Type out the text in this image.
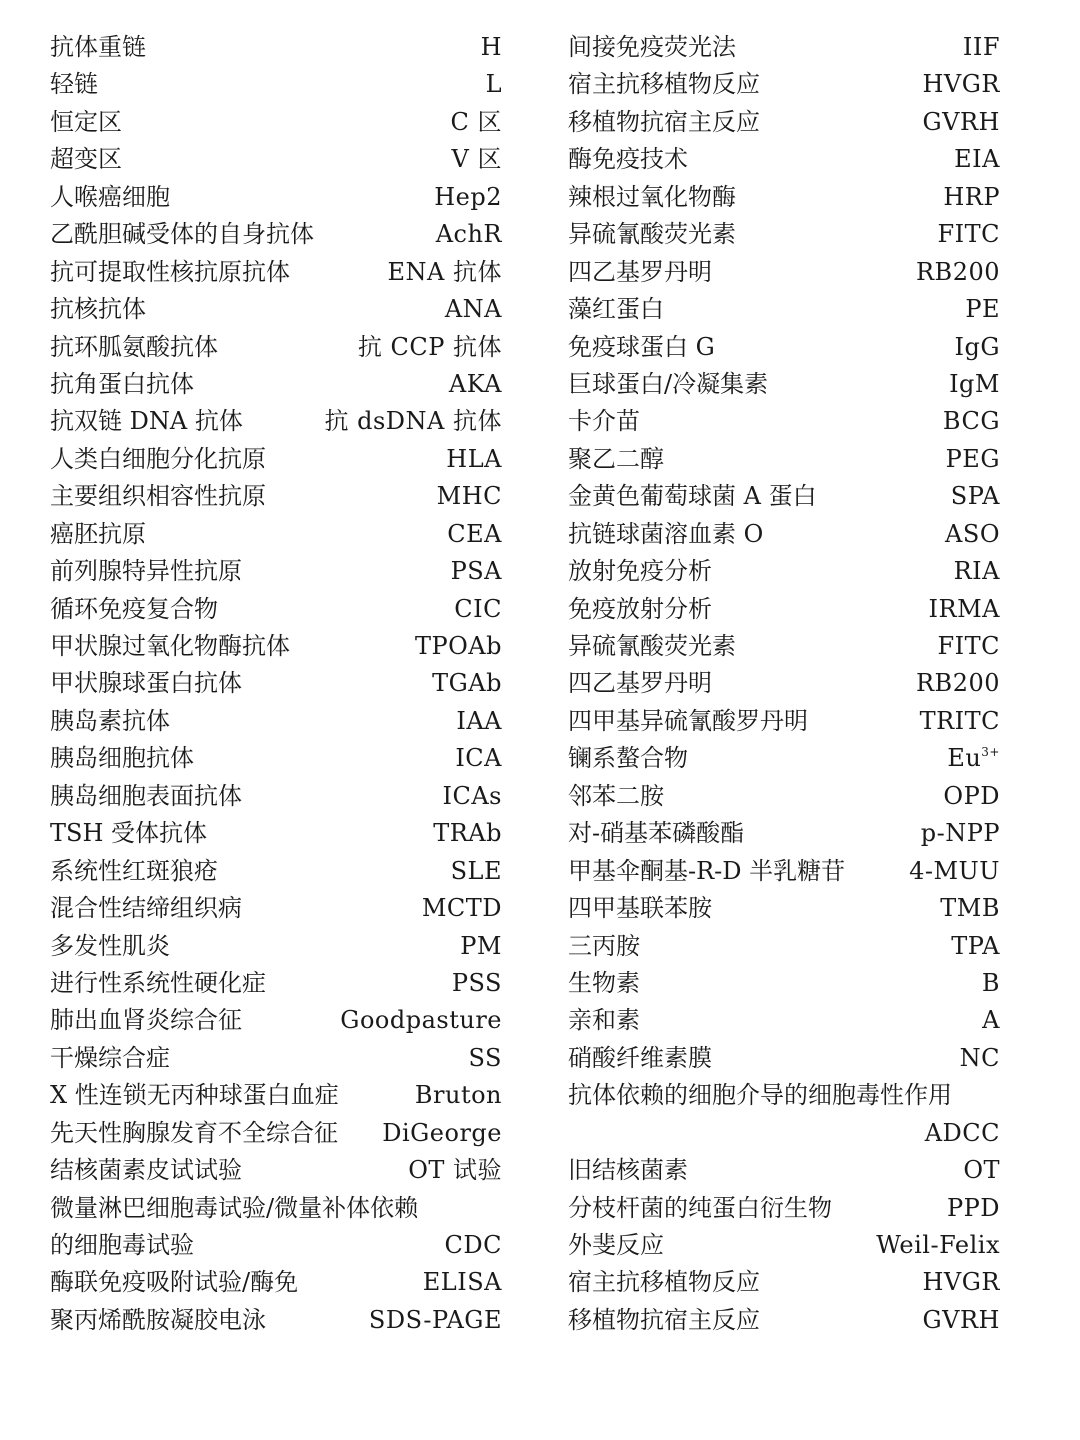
抗体重链	H
轻链	L
恒定区	C 区
超变区	V 区
人喉癌细胞	Hep2
乙酰胆碱受体的自身抗体	AchR
抗可提取性核抗原抗体	ENA 抗体
抗核抗体	ANA
抗环胍氨酸抗体	抗 CCP 抗体
抗角蛋白抗体	AKA
抗双链 DNA 抗体	抗 dsDNA 抗体
人类白细胞分化抗原	HLA
主要组织相容性抗原	MHC
癌胚抗原	CEA
前列腺特异性抗原	PSA
循环免疫复合物	CIC
甲状腺过氧化物酶抗体	TPOAb
甲状腺球蛋白抗体	TGAb
胰岛素抗体	IAA
胰岛细胞抗体	ICA
胰岛细胞表面抗体	ICAs
TSH 受体抗体	TRAb
系统性红斑狼疮	SLE
混合性结缔组织病	MCTD
多发性肌炎	PM
进行性系统性硬化症	PSS
肺出血肾炎综合征	Goodpasture
干燥综合症	SS
X 性连锁无丙种球蛋白血症	Bruton
先天性胸腺发育不全综合征 DiGeorge
结核菌素皮试试验	OT 试验
微量淋巴细胞毒试验/微量补体依赖
的细胞毒试验	CDC
酶联免疫吸附试验/酶免	ELISA
聚丙烯酰胺凝胶电泳	SDS-PAGE
间接免疫荧光法	IIF
宿主抗移植物反应	HVGR
移植物抗宿主反应	GVRH
酶免疫技术	EIA
辣根过氧化物酶	HRP
异硫氰酸荧光素	FITC
四乙基罗丹明	RB200
藻红蛋白	PE
免疫球蛋白 G	IgG
巨球蛋白/冷凝集素	IgM
卡介苗	BCG
聚乙二醇	PEG
金黄色葡萄球菌 A 蛋白	SPA
抗链球菌溶血素 O	ASO
放射免疫分析	RIA
免疫放射分析	IRMA
异硫氰酸荧光素	FITC
四乙基罗丹明	RB200
四甲基异硫氰酸罗丹明	TRITC
镧系螯合物	$Eu^{3+}$
邻苯二胺	OPD
对-硝基苯磷酸酯	p-NPP
甲基伞酮基-R-D 半乳糖苷	4-MUU
四甲基联苯胺	TMB
三丙胺	TPA
生物素	B
亲和素	A
硝酸纤维素膜	NC
抗体依赖的细胞介导的细胞毒性作用
ADCC
旧结核菌素	OT
分枝杆菌的纯蛋白衍生物	PPD
外斐反应	Weil-Felix
宿主抗移植物反应	HVGR
移植物抗宿主反应	GVRH
